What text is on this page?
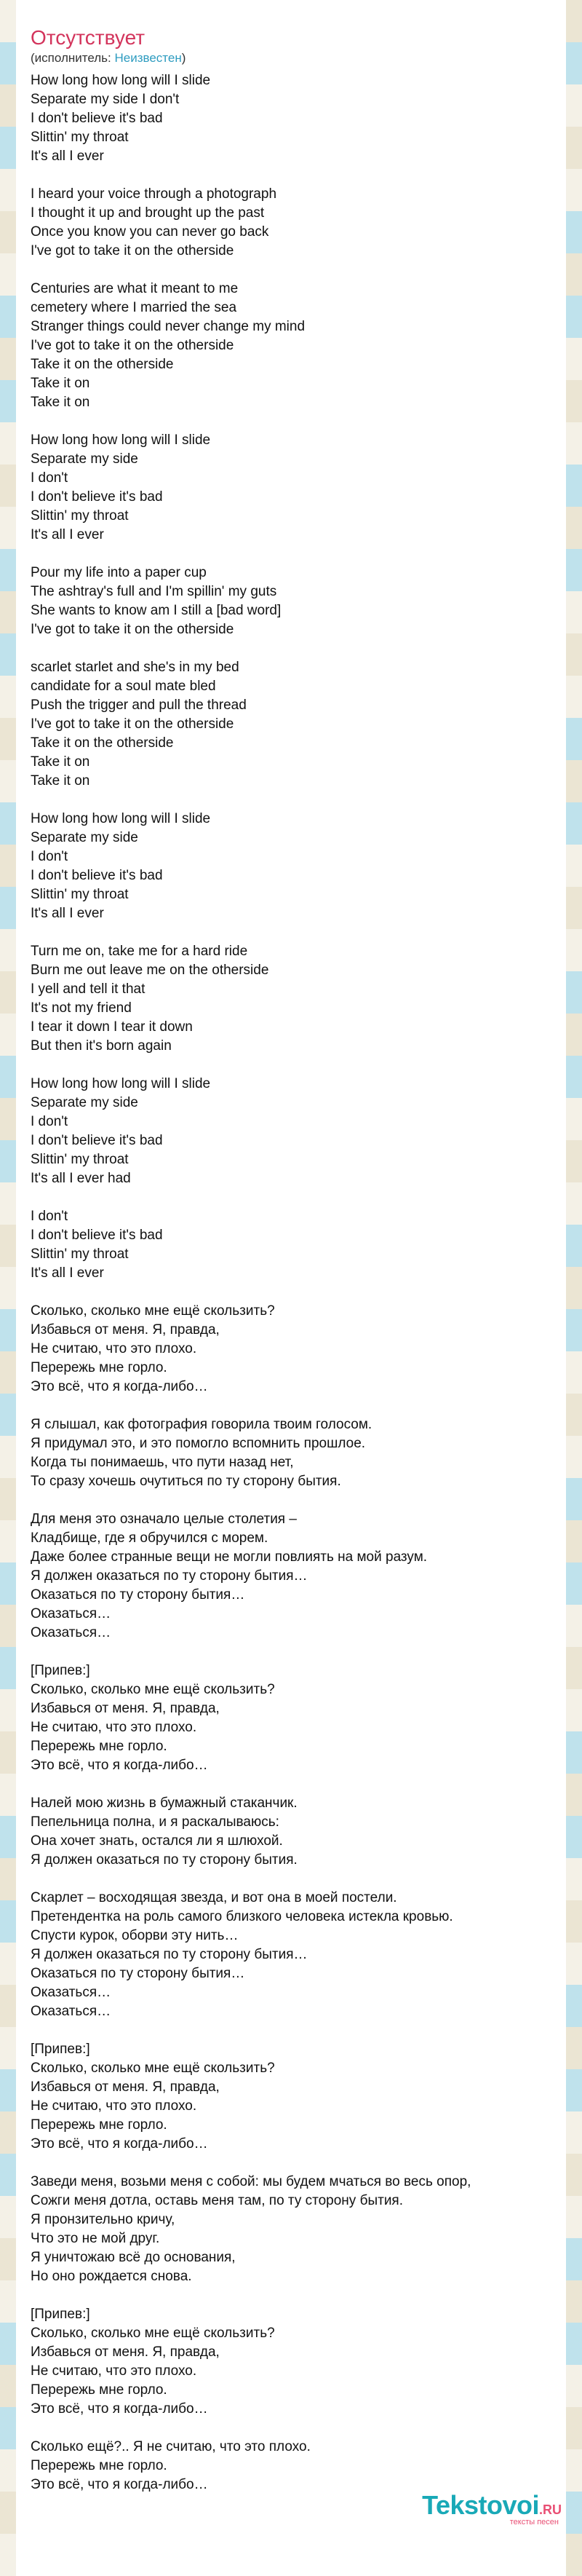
Отсутствует
(исполнитель: Неизвестен)
How long how long will I slide
Separate my side I don't
I don't believe it's bad
Slittin' my throat
It's all I ever

I heard your voice through a photograph
I thought it up and brought up the past
Once you know you can never go back
I've got to take it on the otherside

Centuries are what it meant to me
cemetery where I married the sea
Stranger things could never change my mind
I've got to take it on the otherside
Take it on the otherside
Take it on
Take it on

How long how long will I slide
Separate my side
I don't
I don't believe it's bad
Slittin' my throat
It's all I ever

Pour my life into a paper cup
The ashtray's full and I'm spillin' my guts
She wants to know am I still a [bad word]
I've got to take it on the otherside

scarlet starlet and she's in my bed
candidate for a soul mate bled
Push the trigger and pull the thread
I've got to take it on the otherside
Take it on the otherside
Take it on
Take it on

How long how long will I slide
Separate my side
I don't
I don't believe it's bad
Slittin' my throat
It's all I ever

Turn me on, take me for a hard ride
Burn me out leave me on the otherside
I yell and tell it that
It's not my friend
I tear it down I tear it down
But then it's born again

How long how long will I slide
Separate my side
I don't
I don't believe it's bad
Slittin' my throat
It's all I ever had

I don't
I don't believe it's bad
Slittin' my throat
It's all I ever

Сколько, сколько мне ещё скользить?
Избавься от меня. Я, правда,
Не считаю, что это плохо.
Перережь мне горло.
Это всё, что я когда-либо…

Я слышал, как фотография говорила твоим голосом.
Я придумал это, и это помогло вспомнить прошлое.
Когда ты понимаешь, что пути назад нет,
То сразу хочешь очутиться по ту сторону бытия.

Для меня это означало целые столетия –
Кладбище, где я обручился с морем.
Даже более странные вещи не могли повлиять на мой разум.
Я должен оказаться по ту сторону бытия…
Оказаться по ту сторону бытия…
Оказаться…
Оказаться…

[Припев:]
Сколько, сколько мне ещё скользить?
Избавься от меня. Я, правда,
Не считаю, что это плохо.
Перережь мне горло.
Это всё, что я когда-либо…

Налей мою жизнь в бумажный стаканчик.
Пепельница полна, и я раскалываюсь:
Она хочет знать, остался ли я шлюхой.
Я должен оказаться по ту сторону бытия.

Скарлет – восходящая звезда, и вот она в моей постели.
Претендентка на роль самого близкого человека истекла кровью.
Спусти курок, оборви эту нить…
Я должен оказаться по ту сторону бытия…
Оказаться по ту сторону бытия…
Оказаться…
Оказаться…

[Припев:]
Сколько, сколько мне ещё скользить?
Избавься от меня. Я, правда,
Не считаю, что это плохо.
Перережь мне горло.
Это всё, что я когда-либо…

Заведи меня, возьми меня с собой: мы будем мчаться во весь опор,
Сожги меня дотла, оставь меня там, по ту сторону бытия.
Я пронзительно кричу,
Что это не мой друг.
Я уничтожаю всё до основания,
Но оно рождается снова.

[Припев:]
Сколько, сколько мне ещё скользить?
Избавься от меня. Я, правда,
Не считаю, что это плохо.
Перережь мне горло.
Это всё, что я когда-либо…

Сколько ещё?.. Я не считаю, что это плохо.
Перережь мне горло.
Это всё, что я когда-либо…
Tekstovoi.RU
тексты песен
